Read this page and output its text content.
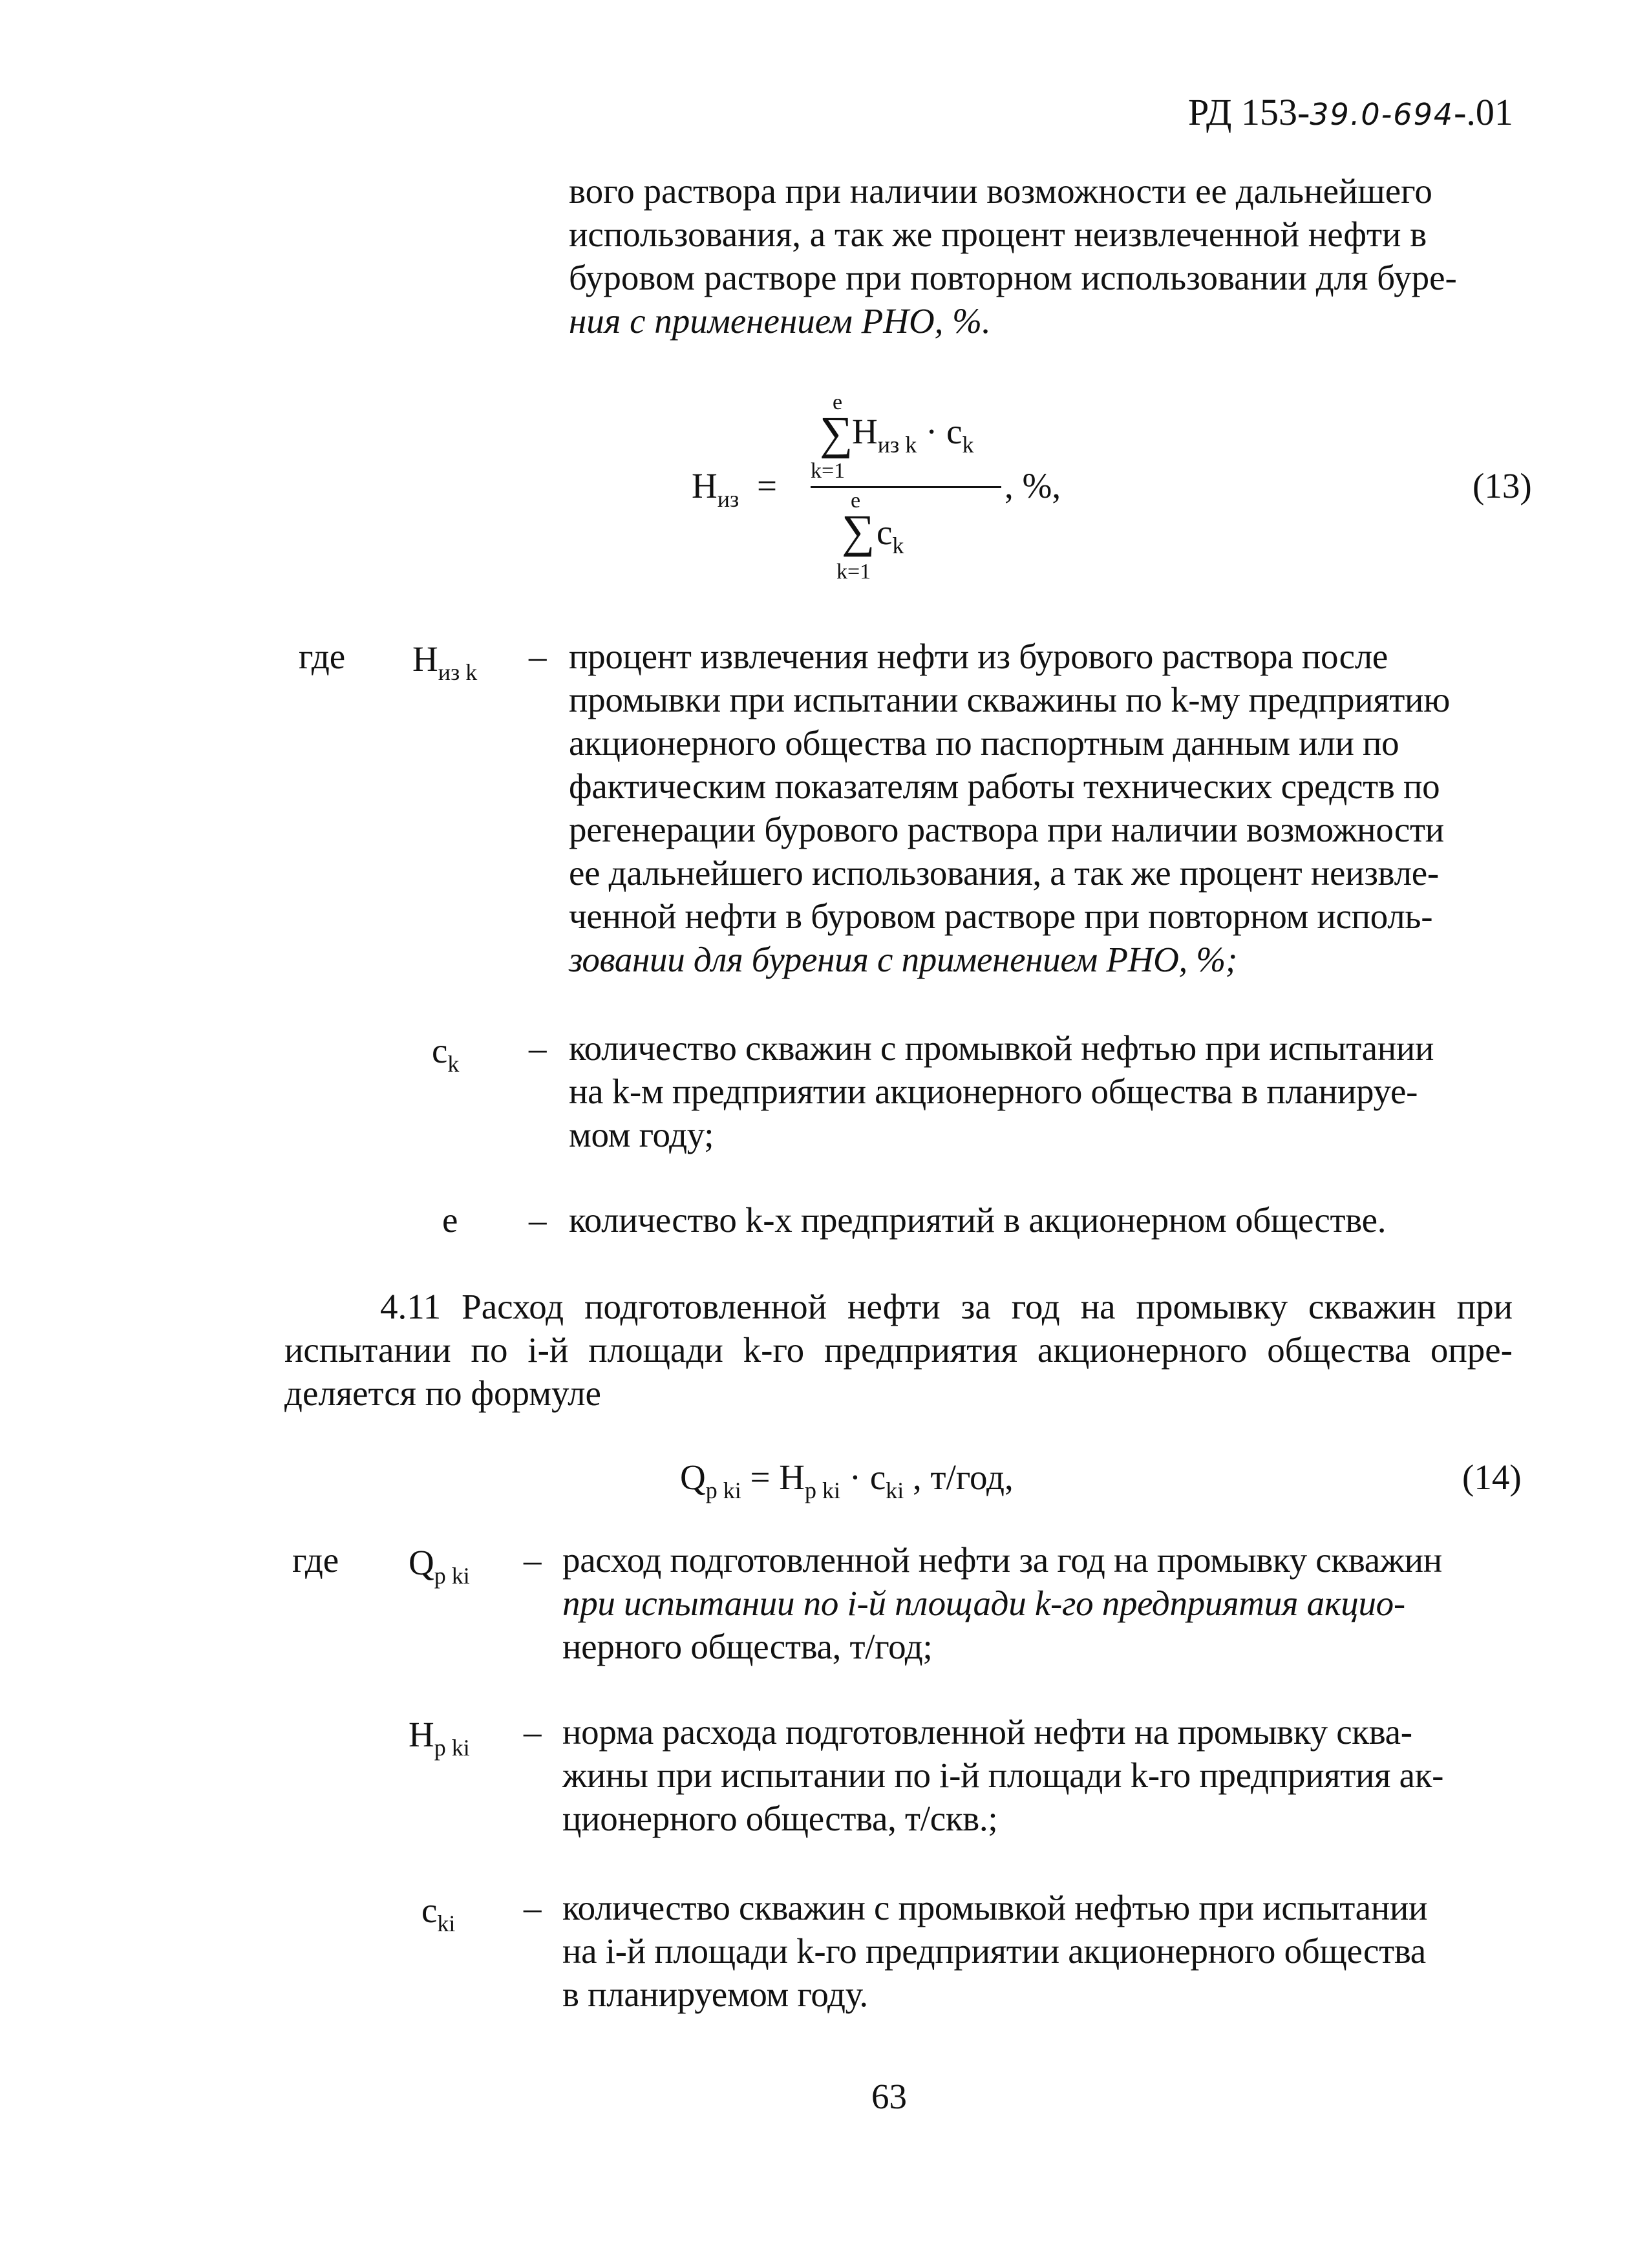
РД 153-39.0-694-.01
вого раствора при наличии возможности ее дальнейшего
использования, а так же процент неизвлеченной нефти в
буровом растворе при повторном использовании для буре-
ния с применением РНО, %.
e
∑
$Н_{из k} \cdot c_k$
k=1
$Н_{из}$ =	, %,	(13)
e
∑ $c_k$
k=1
где $Н_{из k}$ – процент извлечения нефти из бурового раствора после
промывки при испытании скважины по k-му предприятию
акционерного общества по паспортным данным или по
фактическим показателям работы технических средств по
регенерации бурового раствора при наличии возможности
ее дальнейшего использования, а так же процент неизвле-
ченной нефти в буровом растворе при повторном исполь-
зовании для бурения с применением РНО, %;
$c_k$ – количество скважин с промывкой нефтью при испытании
на k-м предприятии акционерного общества в планируе-
мом году;
e – количество k-х предприятий в акционерном обществе.
4.11 Расход подготовленной нефти за год на промывку скважин при
испытании по i-й площади k-го предприятия акционерного общества опре-
деляется по формуле
$Q_{p ki} = Н_{p ki} \cdot c_{ki}$ , т/год,	(14)
где $Q_{p ki}$ – расход подготовленной нефти за год на промывку скважин
при испытании по i-й площади k-го предприятия акцио-
нерного общества, т/год;
$Н_{p ki}$ – норма расхода подготовленной нефти на промывку сква-
жины при испытании по i-й площади k-го предприятия ак-
ционерного общества, т/скв.;
$c_{ki}$ – количество скважин с промывкой нефтью при испытании
на i-й площади k-го предприятии акционерного общества
в планируемом году.
63
